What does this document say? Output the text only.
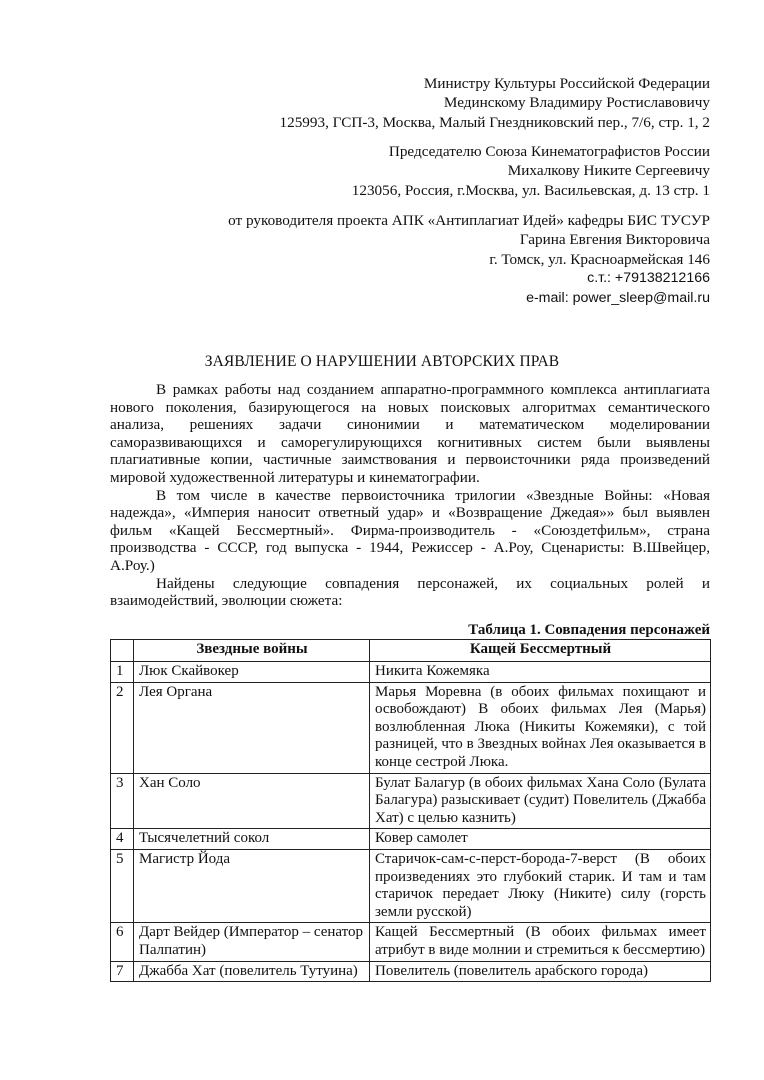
Министру Культуры Российской Федерации
Мединскому Владимиру Ростиславовичу
125993, ГСП-3, Москва, Малый Гнездниковский пер., 7/6, стр. 1, 2
Председателю Союза Кинематографистов России
Михалкову Никите Сергеевичу
123056, Россия, г.Москва, ул. Васильевская, д. 13 стр. 1
от руководителя проекта АПК «Антиплагиат Идей» кафедры БИС ТУСУР
Гарина Евгения Викторовича
г. Томск, ул. Красноармейская 146
с.т.: +79138212166
e-mail: power_sleep@mail.ru
ЗАЯВЛЕНИЕ О НАРУШЕНИИ АВТОРСКИХ ПРАВ

В рамках работы над созданием аппаратно-программного комплекса антиплагиата нового поколения, базирующегося на новых поисковых алгоритмах семантического анализа, решениях задачи синонимии и математическом моделировании саморазвивающихся и саморегулирующихся когнитивных систем были выявлены плагиативные копии, частичные заимствования и первоисточники ряда произведений мировой художественной литературы и кинематографии.

В том числе в качестве первоисточника трилогии «Звездные Войны: «Новая надежда», «Империя наносит ответный удар» и «Возвращение Джедая»» был выявлен фильм «Кащей Бессмертный». Фирма-производитель - «Союздетфильм», страна производства - СССР, год выпуска - 1944, Режиссер - А.Роу, Сценаристы: В.Швейцер, А.Роу.)

Найдены следующие совпадения персонажей, их социальных ролей и взаимодействий, эволюции сюжета:

Таблица 1. Совпадения персонажей
	Звездные войны	Кащей Бессмертный
1	Люк Скайвокер	Никита Кожемяка
2	Лея Органа	Марья Моревна (в обоих фильмах похищают и освобождают) В обоих фильмах Лея (Марья) возлюбленная Люка (Никиты Кожемяки), с той разницей, что в Звездных войнах Лея оказывается в конце сестрой Люка.
3	Хан Соло	Булат Балагур (в обоих фильмах Хана Соло (Булата Балагура) разыскивает (судит) Повелитель (Джабба Хат) с целью казнить)
4	Тысячелетний сокол	Ковер самолет
5	Магистр Йода	Старичок-сам-с-перст-борода-7-верст (В обоих произведениях это глубокий старик. И там и там старичок передает Люку (Никите) силу (горсть земли русской)
6	Дарт Вейдер (Император – сенатор Палпатин)	Кащей Бессмертный (В обоих фильмах имеет атрибут в виде молнии и стремиться к бессмертию)
7	Джабба Хат (повелитель Тутуина)	Повелитель (повелитель арабского города)
